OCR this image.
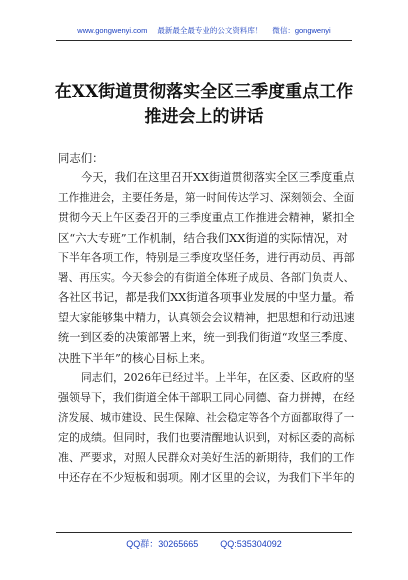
www.gongwenyi.com 最新最全最专业的公文资料库！ 微信：gongwenyi
在XX街道贯彻落实全区三季度重点工作
推进会上的讲话
同志们：
今天，我们在这里召开XX街道贯彻落实全区三季度重点
工作推进会，主要任务是，第一时间传达学习、深刻领会、全面
贯彻今天上午区委召开的三季度重点工作推进会精神，紧扣全
区“六大专班”工作机制，结合我们XX街道的实际情况，对
下半年各项工作，特别是三季度攻坚任务，进行再动员、再部
署、再压实。今天参会的有街道全体班子成员、各部门负责人、
各社区书记，都是我们XX街道各项事业发展的中坚力量。希
望大家能够集中精力，认真领会会议精神，把思想和行动迅速
统一到区委的决策部署上来，统一到我们街道“攻坚三季度、
决胜下半年”的核心目标上来。
同志们，2026年已经过半。上半年，在区委、区政府的坚
强领导下，我们街道全体干部职工同心同德、奋力拼搏，在经
济发展、城市建设、民生保障、社会稳定等各个方面都取得了一
定的成绩。但同时，我们也要清醒地认识到，对标区委的高标
准、严要求，对照人民群众对美好生活的新期待，我们的工作
中还存在不少短板和弱项。刚才区里的会议，为我们下半年的
QQ群：30265665 QQ:535304092
